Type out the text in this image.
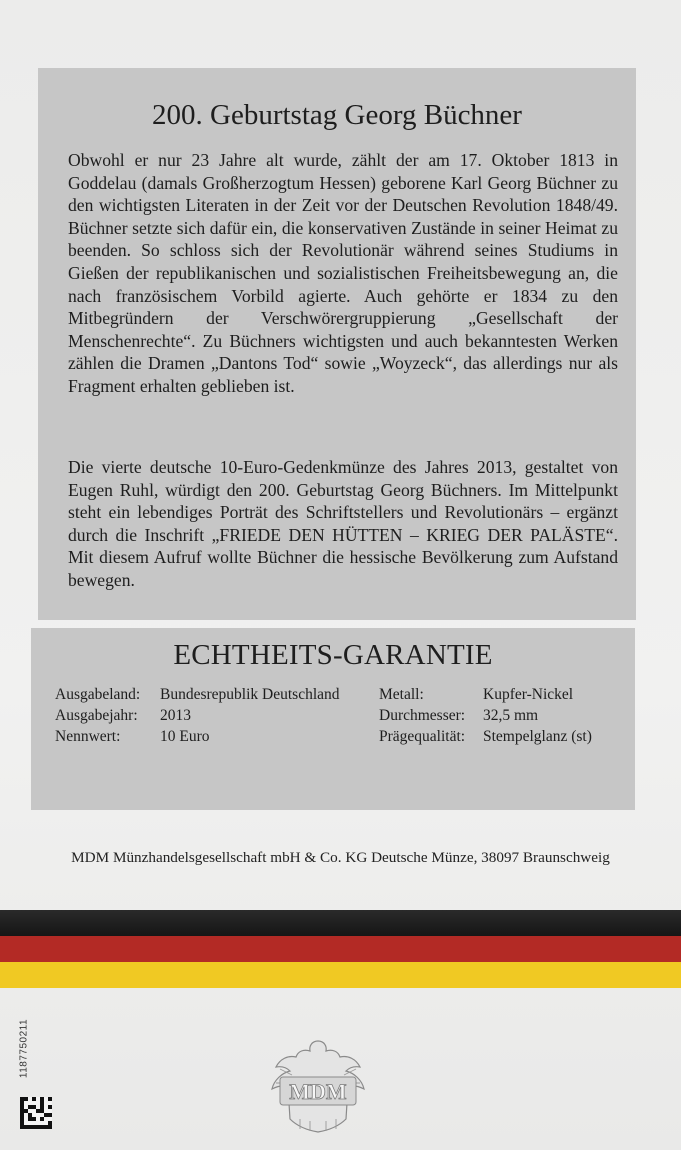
200. Geburtstag Georg Büchner
Obwohl er nur 23 Jahre alt wurde, zählt der am 17. Oktober 1813 in Goddelau (damals Großherzogtum Hessen) geborene Karl Georg Büchner zu den wichtigsten Literaten in der Zeit vor der Deutschen Revolution 1848/49. Büchner setzte sich dafür ein, die konservativen Zustände in seiner Heimat zu beenden. So schloss sich der Revolutionär während seines Studiums in Gießen der republikanischen und sozialistischen Freiheitsbewegung an, die nach französischem Vorbild agierte. Auch gehörte er 1834 zu den Mitbegründern der Verschwörergruppierung „Gesellschaft der Menschenrechte“. Zu Büchners wichtigsten und auch bekanntesten Werken zählen die Dramen „Dantons Tod“ sowie „Woyzeck“, das allerdings nur als Fragment erhalten geblieben ist.
Die vierte deutsche 10-Euro-Gedenkmünze des Jahres 2013, gestaltet von Eugen Ruhl, würdigt den 200. Geburtstag Georg Büchners. Im Mittelpunkt steht ein lebendiges Porträt des Schriftstellers und Revolutionärs – ergänzt durch die Inschrift „FRIEDE DEN HÜTTEN – KRIEG DER PALÄSTE“. Mit diesem Aufruf wollte Büchner die hessische Bevölkerung zum Aufstand bewegen.
ECHTHEITS-GARANTIE
Ausgabeland: Bundesrepublik Deutschland
Ausgabejahr: 2013
Nennwert:	10 Euro
Metall:	Kupfer-Nickel
Durchmesser: 32,5 mm
Prägequalität: Stempelglanz (st)
MDM Münzhandelsgesellschaft mbH & Co. KG Deutsche Münze, 38097 Braunschweig
1187750211
MDM
